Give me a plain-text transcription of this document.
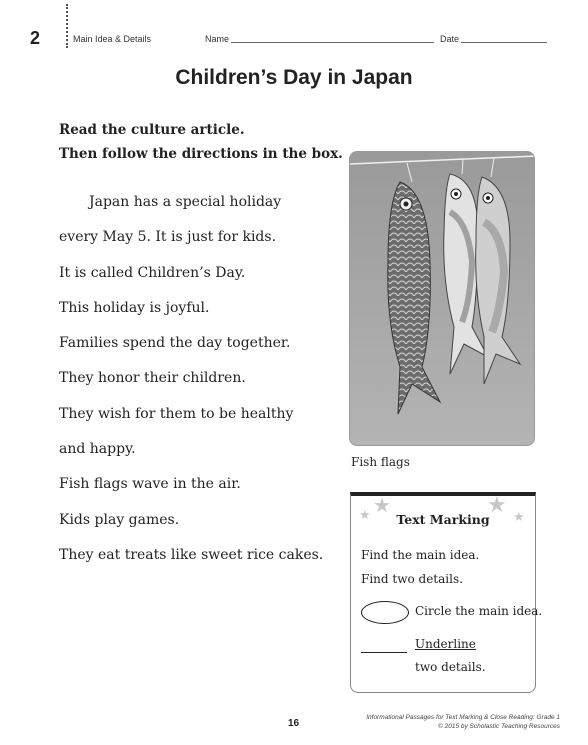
2	Main Idea & Details	Name	Date
Children’s Day in Japan
Read the culture article.
Then follow the directions in the box.
Japan has a special holiday
every May 5. It is just for kids.
It is called Children’s Day.
This holiday is joyful.
Families spend the day together.
They honor their children.
They wish for them to be healthy
and happy.
Fish flags wave in the air.
Kids play games.
They eat treats like sweet rice cakes.
Fish flags
★ ★	★ ★
Text Marking
Find the main idea.
Find two details.
Circle the main idea.
Underline
two details.
16
Informational Passages for Text Marking & Close Reading: Grade 1
© 2015 by Scholastic Teaching Resources
